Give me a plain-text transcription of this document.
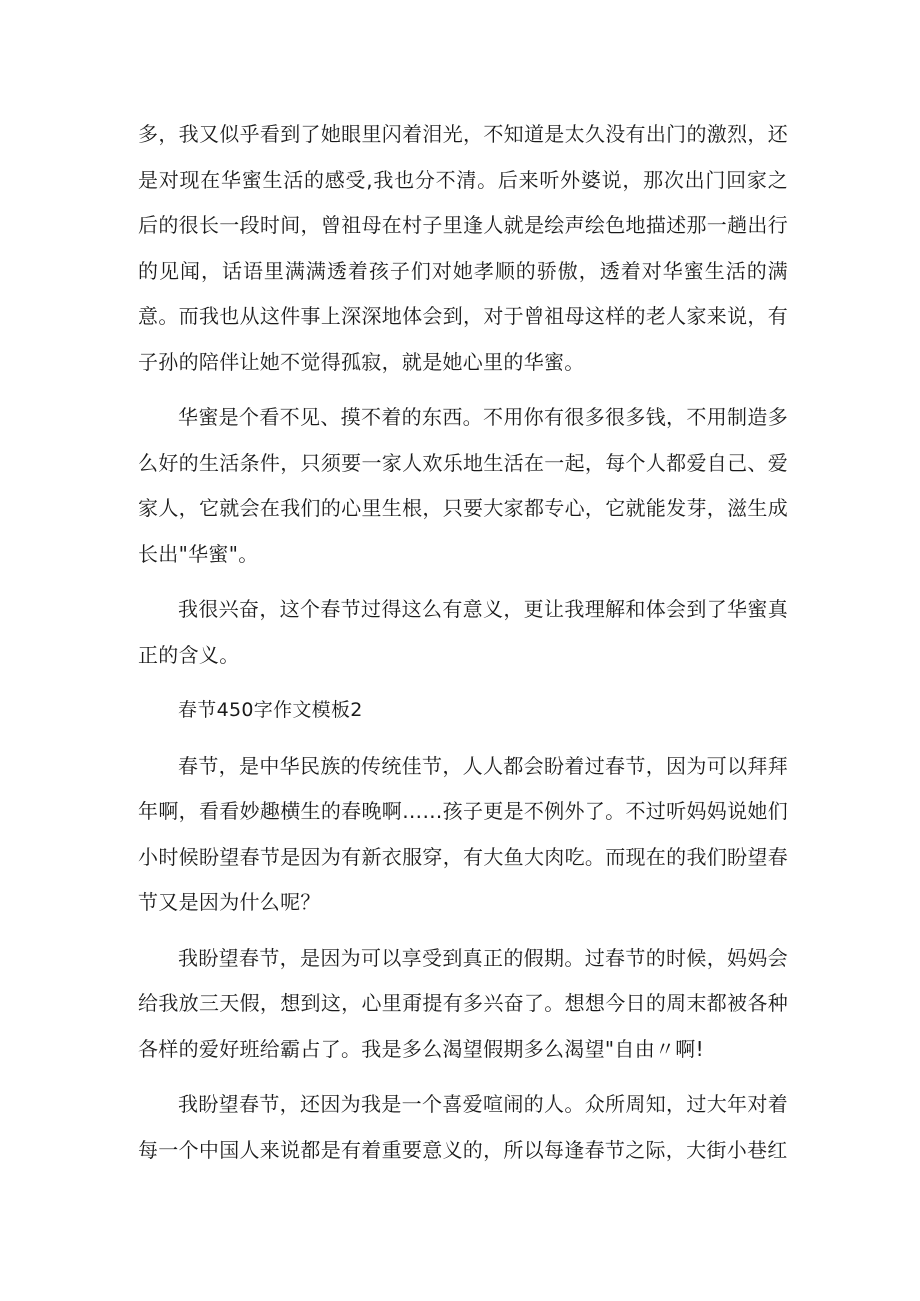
多，我又似乎看到了她眼里闪着泪光，不知道是太久没有出门的激烈，还是对现在华蜜生活的感受,我也分不清。后来听外婆说，那次出门回家之后的很长一段时间，曾祖母在村子里逢人就是绘声绘色地描述那一趟出行的见闻，话语里满满透着孩子们对她孝顺的骄傲，透着对华蜜生活的满意。而我也从这件事上深深地体会到，对于曾祖母这样的老人家来说，有子孙的陪伴让她不觉得孤寂，就是她心里的华蜜。

华蜜是个看不见、摸不着的东西。不用你有很多很多钱，不用制造多么好的生活条件，只须要一家人欢乐地生活在一起，每个人都爱自己、爱家人，它就会在我们的心里生根，只要大家都专心，它就能发芽，滋生成长出"华蜜"。

我很兴奋，这个春节过得这么有意义，更让我理解和体会到了华蜜真正的含义。

春节450字作文模板2

春节，是中华民族的传统佳节，人人都会盼着过春节，因为可以拜拜年啊，看看妙趣横生的春晚啊……孩子更是不例外了。不过听妈妈说她们小时候盼望春节是因为有新衣服穿，有大鱼大肉吃。而现在的我们盼望春节又是因为什么呢？

我盼望春节，是因为可以享受到真正的假期。过春节的时候，妈妈会给我放三天假，想到这，心里甭提有多兴奋了。想想今日的周末都被各种各样的爱好班给霸占了。我是多么渴望假期多么渴望"自由〃啊!

我盼望春节，还因为我是一个喜爱喧闹的人。众所周知，过大年对着每一个中国人来说都是有着重要意义的，所以每逢春节之际，大街小巷红
